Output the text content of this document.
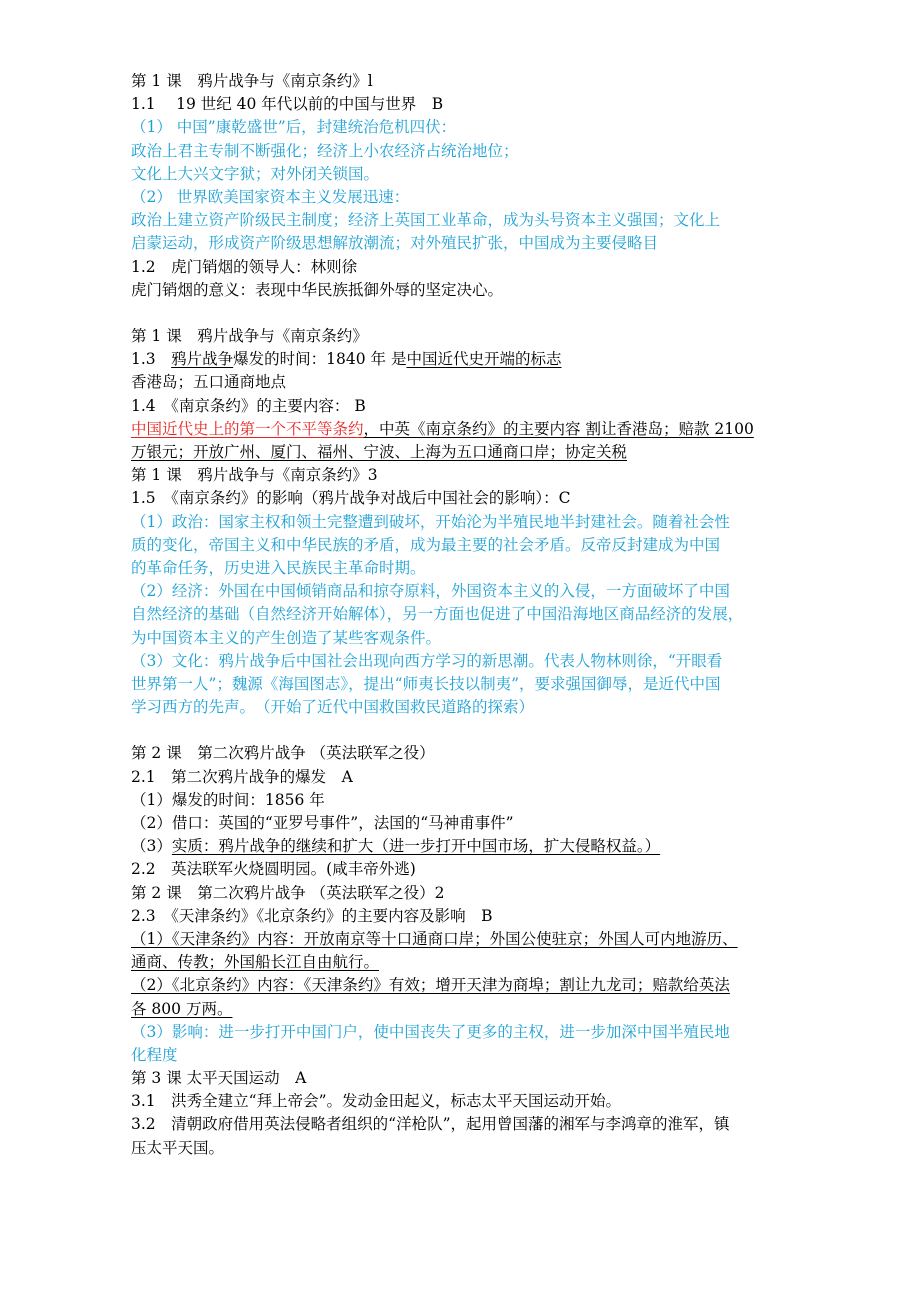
第 1 课　鸦片战争与《南京条约》l
1.1　 19 世纪 40 年代以前的中国与世界　B
（1） 中国”康乾盛世”后，封建统治危机四伏：
政治上君主专制不断强化；经济上小农经济占统治地位；
文化上大兴文字狱；对外闭关锁国。
（2） 世界欧美国家资本主义发展迅速：
政治上建立资产阶级民主制度；经济上英国工业革命，成为头号资本主义强国；文化上
启蒙运动，形成资产阶级思想解放潮流；对外殖民扩张，中国成为主要侵略目
1.2　虎门销烟的领导人：林则徐
虎门销烟的意义：表现中华民族抵御外辱的坚定决心。
第 1 课　鸦片战争与《南京条约》
1.3　鸦片战争爆发的时间：1840 年 是中国近代史开端的标志
香港岛；五口通商地点
1.4　《南京条约》的主要内容： B
中国近代史上的第一个不平等条约，中英《南京条约》的主要内容 割让香港岛；赔款 2100
万银元；开放广州、厦门、福州、宁波、上海为五口通商口岸；协定关税
第 1 课　鸦片战争与《南京条约》3
1.5　《南京条约》的影响（鸦片战争对战后中国社会的影响）：C
（1）政治：国家主权和领土完整遭到破坏，开始沦为半殖民地半封建社会。随着社会性
质的变化，帝国主义和中华民族的矛盾，成为最主要的社会矛盾。反帝反封建成为中国
的革命任务，历史进入民族民主革命时期。
（2）经济：外国在中国倾销商品和掠夺原料，外国资本主义的入侵，一方面破坏了中国
自然经济的基础（自然经济开始解体），另一方面也促进了中国沿海地区商品经济的发展，
为中国资本主义的产生创造了某些客观条件。
（3）文化：鸦片战争后中国社会出现向西方学习的新思潮。代表人物林则徐，“开眼看
世界第一人”；魏源《海国图志》，提出“师夷长技以制夷”，要求强国御辱，是近代中国
学习西方的先声。　（开始了近代中国救国救民道路的探索）
第 2 课　第二次鸦片战争 （英法联军之役）
2.1　第二次鸦片战争的爆发　A
（1）爆发的时间：1856 年
（2）借口：英国的“亚罗号事件”，法国的“马神甫事件”
（3）实质：鸦片战争的继续和扩大（进一步打开中国市场，扩大侵略权益。）
2.2　英法联军火烧圆明园。(咸丰帝外逃)
第 2 课　第二次鸦片战争 （英法联军之役）2
2.3　《天津条约》《北京条约》的主要内容及影响　B
（1）《天津条约》内容：开放南京等十口通商口岸；外国公使驻京；外国人可内地游历、
通商、传教；外国船长江自由航行。
（2）《北京条约》内容：《天津条约》有效；增开天津为商埠；割让九龙司；赔款给英法
各 800 万两。
（3）影响：进一步打开中国门户，使中国丧失了更多的主权，进一步加深中国半殖民地
化程度
第 3 课 太平天国运动　A
3.1　洪秀全建立“拜上帝会”。发动金田起义，标志太平天国运动开始。
3.2　清朝政府借用英法侵略者组织的“洋枪队”，起用曾国藩的湘军与李鸿章的淮军，镇
压太平天国。
